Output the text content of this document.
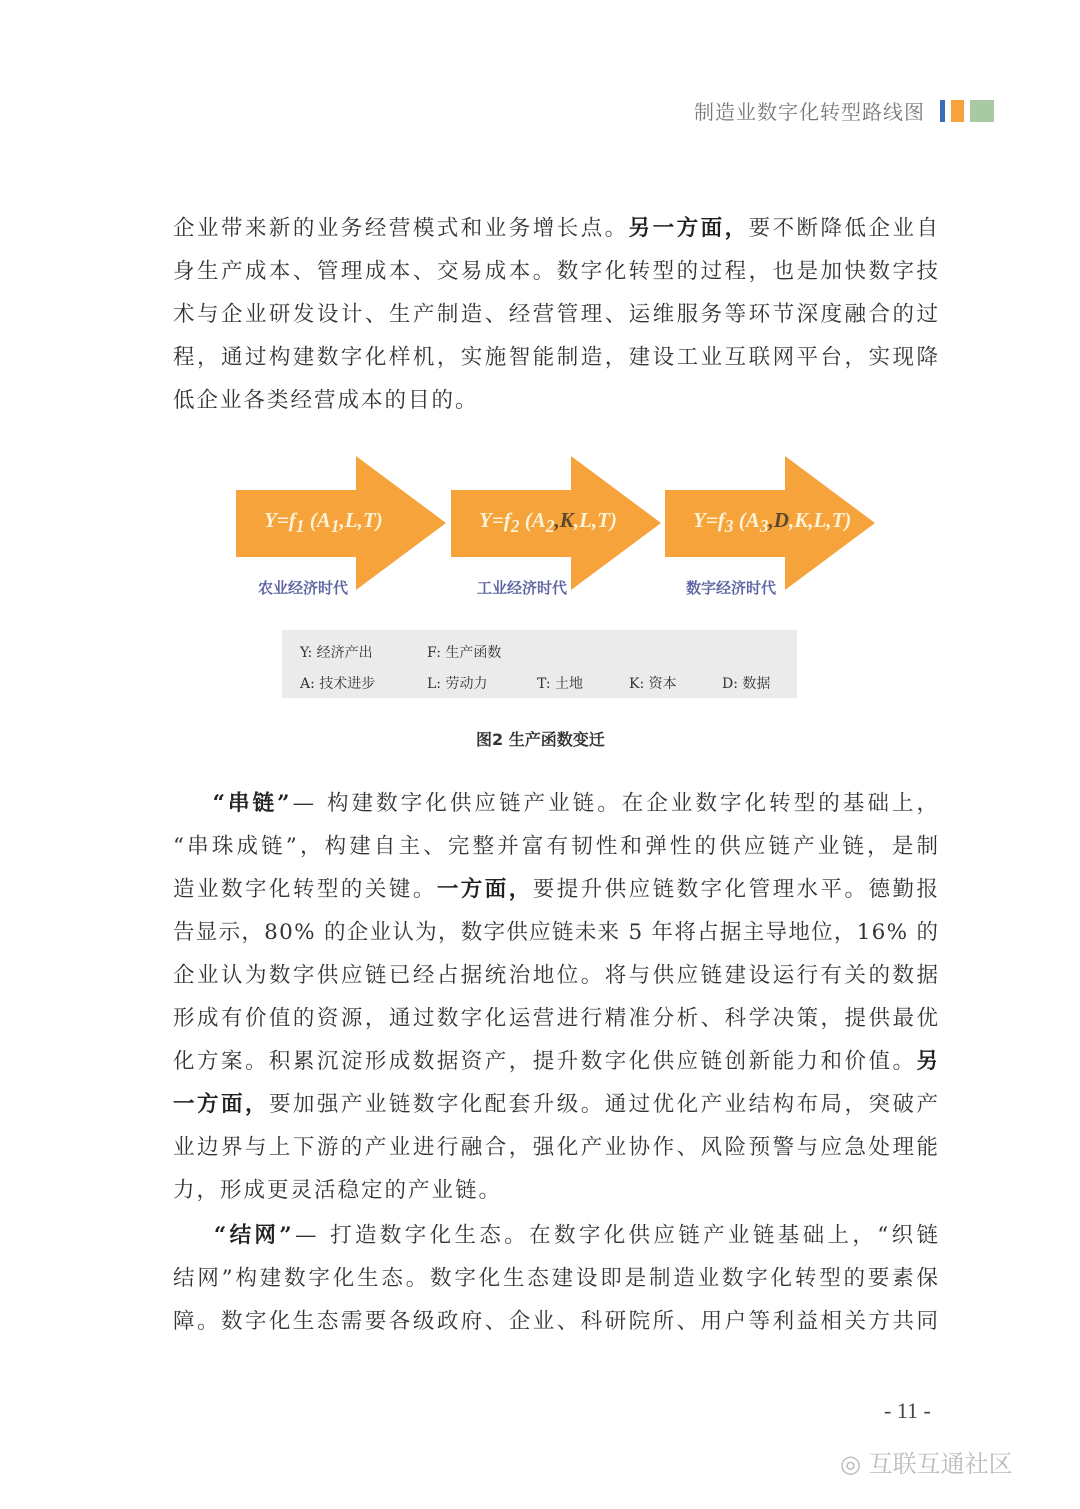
制造业数字化转型路线图
企业带来新的业务经营模式和业务增长点。另一方面，要不断降低企业自
身生产成本、管理成本、交易成本。数字化转型的过程，也是加快数字技
术与企业研发设计、生产制造、经营管理、运维服务等环节深度融合的过
程，通过构建数字化样机，实施智能制造，建设工业互联网平台，实现降
低企业各类经营成本的目的。
“串链”— 构建数字化供应链产业链。在企业数字化转型的基础上，
“串珠成链”，构建自主、完整并富有韧性和弹性的供应链产业链，是制
造业数字化转型的关键。一方面，要提升供应链数字化管理水平。德勤报
告显示，80% 的企业认为，数字供应链未来 5 年将占据主导地位，16% 的
企业认为数字供应链已经占据统治地位。将与供应链建设运行有关的数据
形成有价值的资源，通过数字化运营进行精准分析、科学决策，提供最优
化方案。积累沉淀形成数据资产，提升数字化供应链创新能力和价值。另
一方面，要加强产业链数字化配套升级。通过优化产业结构布局，突破产
业边界与上下游的产业进行融合，强化产业协作、风险预警与应急处理能
力，形成更灵活稳定的产业链。
“结网”— 打造数字化生态。在数字化供应链产业链基础上，“织链
结网”构建数字化生态。数字化生态建设即是制造业数字化转型的要素保
障。数字化生态需要各级政府、企业、科研院所、用户等利益相关方共同
$Y=f_1$ $(A_1,L,T)$
农业经济时代
$Y=f_2$ $(A_2,K,L,T)$
工业经济时代
$Y=f_3$ $(A_3,D,K,L,T)$
数字经济时代
Y: 经济产出	F: 生产函数
A: 技术进步	L: 劳动力	T: 土地	K: 资本	D: 数据
图2 生产函数变迁
- 11 -
◎ 互联互通社区
